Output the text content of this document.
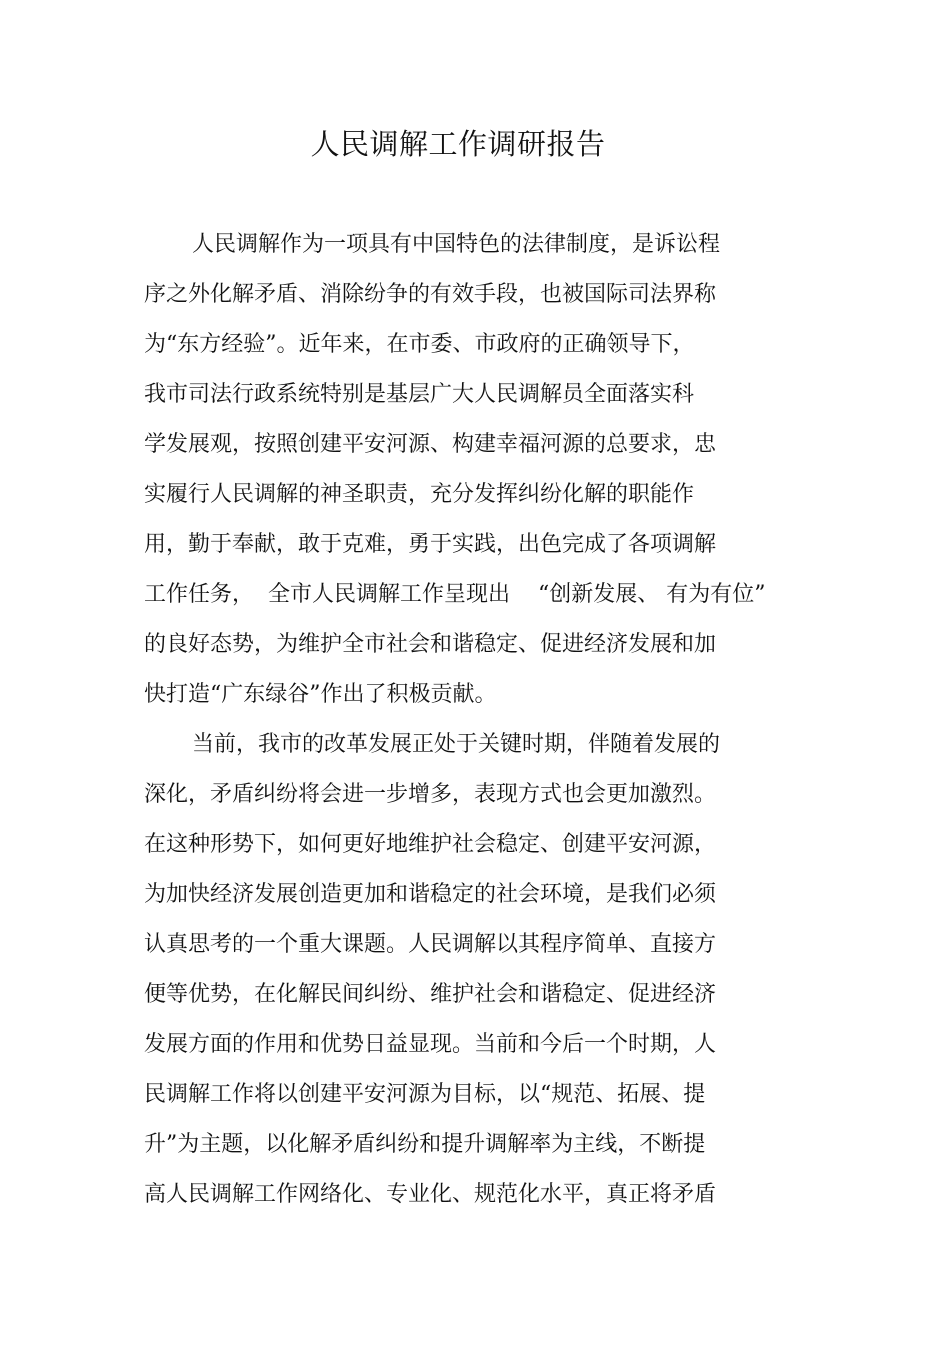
人民调解工作调研报告
人民调解作为一项具有中国特色的法律制度，是诉讼程
序之外化解矛盾、消除纷争的有效手段，也被国际司法界称
为“东方经验”。近年来，在市委、市政府的正确领导下，
我市司法行政系统特别是基层广大人民调解员全面落实科
学发展观，按照创建平安河源、构建幸福河源的总要求，忠
实履行人民调解的神圣职责，充分发挥纠纷化解的职能作
用，勤于奉献，敢于克难，勇于实践，出色完成了各项调解
工作任务，  全市人民调解工作呈现出    “创新发展、 有为有位”
的良好态势，为维护全市社会和谐稳定、促进经济发展和加
快打造“广东绿谷”作出了积极贡献。
当前，我市的改革发展正处于关键时期，伴随着发展的
深化，矛盾纠纷将会进一步增多，表现方式也会更加激烈。
在这种形势下，如何更好地维护社会稳定、创建平安河源，
为加快经济发展创造更加和谐稳定的社会环境，是我们必须
认真思考的一个重大课题。人民调解以其程序简单、直接方
便等优势，在化解民间纠纷、维护社会和谐稳定、促进经济
发展方面的作用和优势日益显现。当前和今后一个时期，人
民调解工作将以创建平安河源为目标，以“规范、拓展、提
升”为主题，以化解矛盾纠纷和提升调解率为主线，不断提
高人民调解工作网络化、专业化、规范化水平，真正将矛盾
